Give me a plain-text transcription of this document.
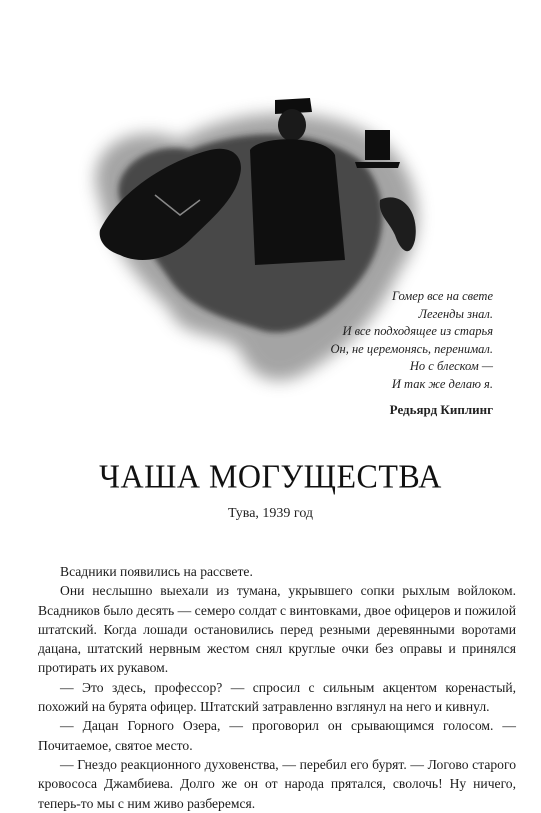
Гомер все на свете
Легенды знал.
И все подходящее из старья
Он, не церемонясь, перенимал.
Но с блеском —
И так же делаю я.
Редьярд Киплинг
ЧАША МОГУЩЕСТВА
Тува, 1939 год

Всадники появились на рассвете.

Они неслышно выехали из тумана, укрывшего сопки рыхлым войлоком. Всадников было десять — семеро солдат с винтовками, двое офицеров и пожилой штатский. Когда лошади остановились перед резными деревянными воротами дацана, штатский нервным жестом снял круглые очки без оправы и принялся протирать их рукавом.

— Это здесь, профессор? — спросил с сильным акцентом коренастый, похожий на бурята офицер. Штатский затравленно взглянул на него и кивнул.

— Дацан Горного Озера, — проговорил он срывающимся голосом. — Почитаемое, святое место.

— Гнездо реакционного духовенства, — перебил его бурят. — Логово старого кровососа Джамбиева. Долго же он от народа прятался, сволочь! Ну ничего, теперь-то мы с ним живо разберемся.
